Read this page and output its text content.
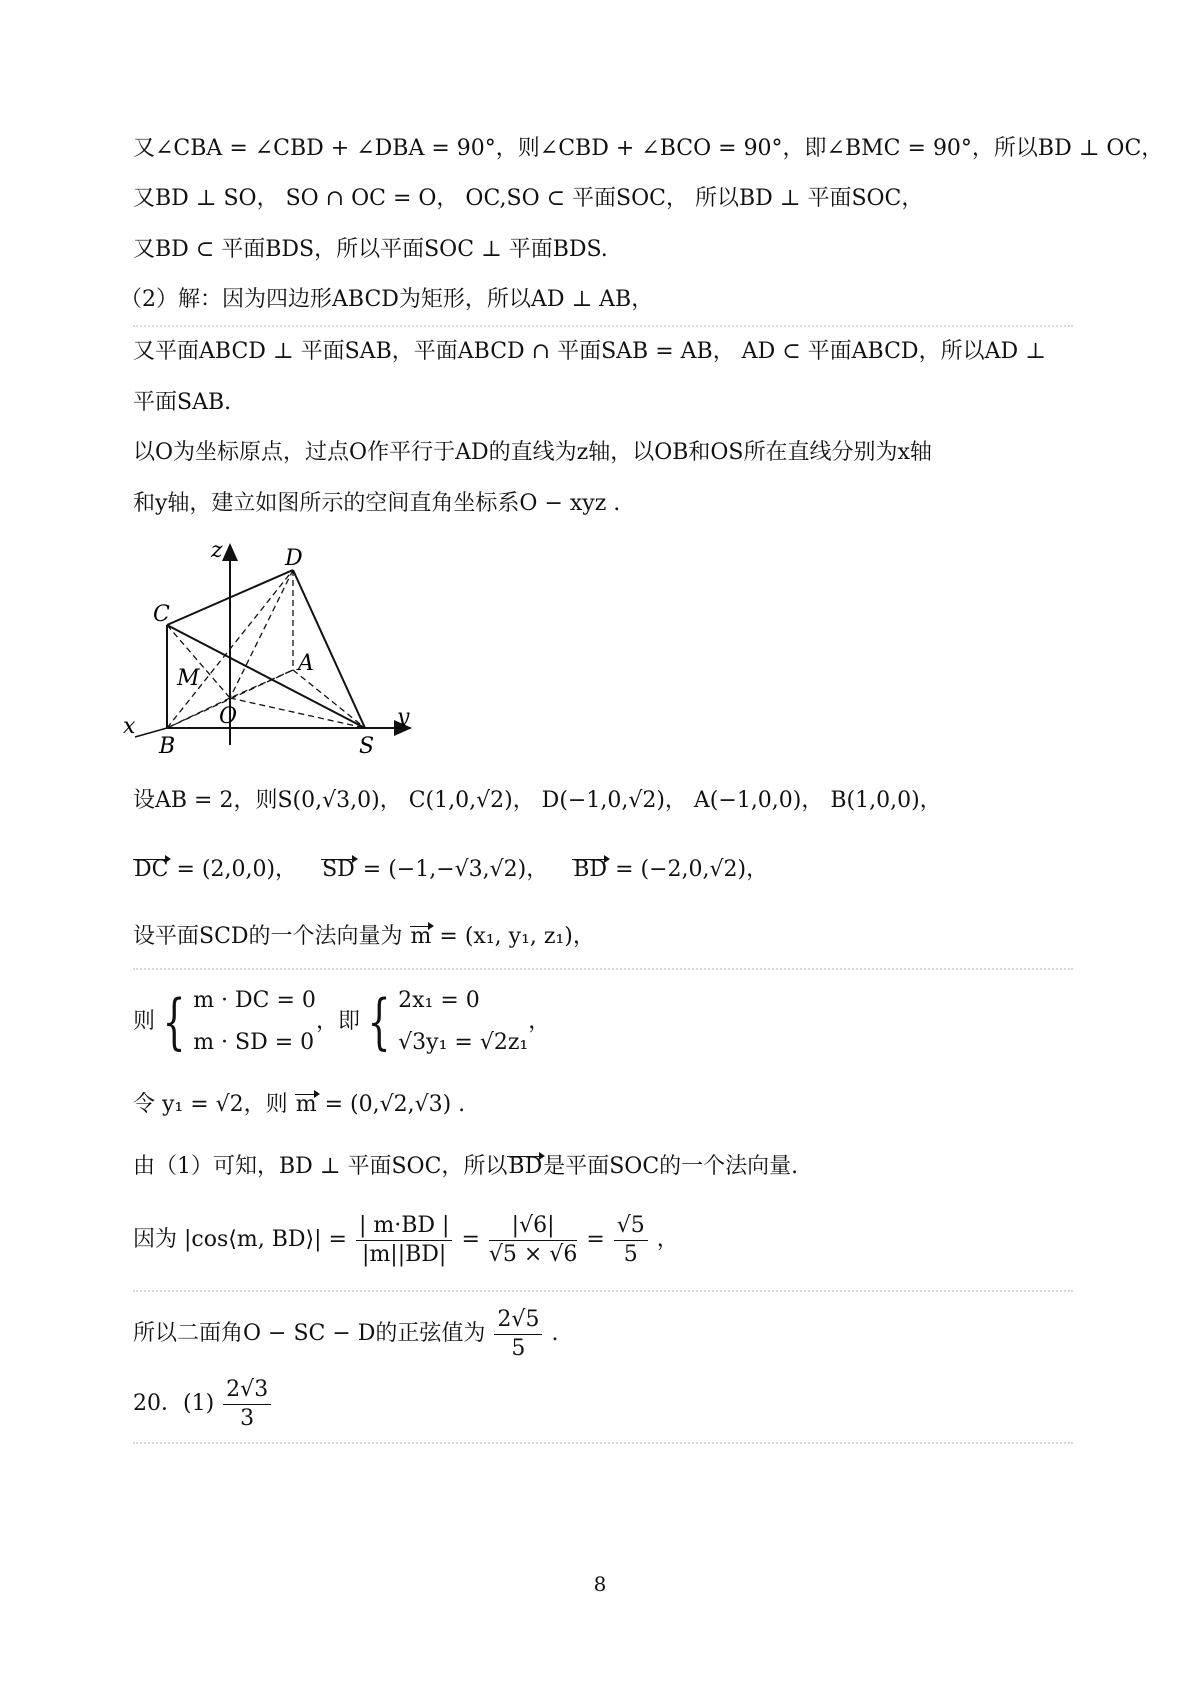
又∠CBA = ∠CBD + ∠DBA = 90°，则∠CBD + ∠BCO = 90°，即∠BMC = 90°，所以BD ⊥ OC，
又BD ⊥ SO， SO ∩ OC = O， OC,SO ⊂ 平面SOC， 所以BD ⊥ 平面SOC，
又BD ⊂ 平面BDS，所以平面SOC ⊥ 平面BDS.
（2）解：因为四边形ABCD为矩形，所以AD ⊥ AB，
又平面ABCD ⊥ 平面SAB，平面ABCD ∩ 平面SAB = AB， AD ⊂ 平面ABCD，所以AD ⊥
平面SAB.
以O为坐标原点，过点O作平行于AD的直线为z轴，以OB和OS所在直线分别为x轴
和y轴，建立如图所示的空间直角坐标系O − xyz .
z	D
C
A
M
O	y
x
B	S
设AB = 2，则S(0,√3,0)， C(1,0,√2)， D(−1,0,√2)， A(−1,0,0)， B(1,0,0)，
DC = (2,0,0)， SD = (−1,−√3,√2)， BD = (−2,0,√2)，
设平面SCD的一个法向量为 m = (x₁, y₁, z₁)，
则 { m · DC = 0
m · SD = 0
，即 { 2x₁ = 0
√3y₁ = √2z₁
，
令 y₁ = √2，则 m = (0,√2,√3) .
由（1）可知，BD ⊥ 平面SOC，所以BD是平面SOC的一个法向量.
因为 |cos⟨m, BD⟩| = $\frac{| m\cdot BD |}{|m||BD|} = \frac{|√6|}{√5 \times √6} = \frac{√5}{5}$ ，
所以二面角O − SC − D的正弦值为 $\frac{2√5}{5}$ .
20．$(1) \frac{2√3}{3}$
8
